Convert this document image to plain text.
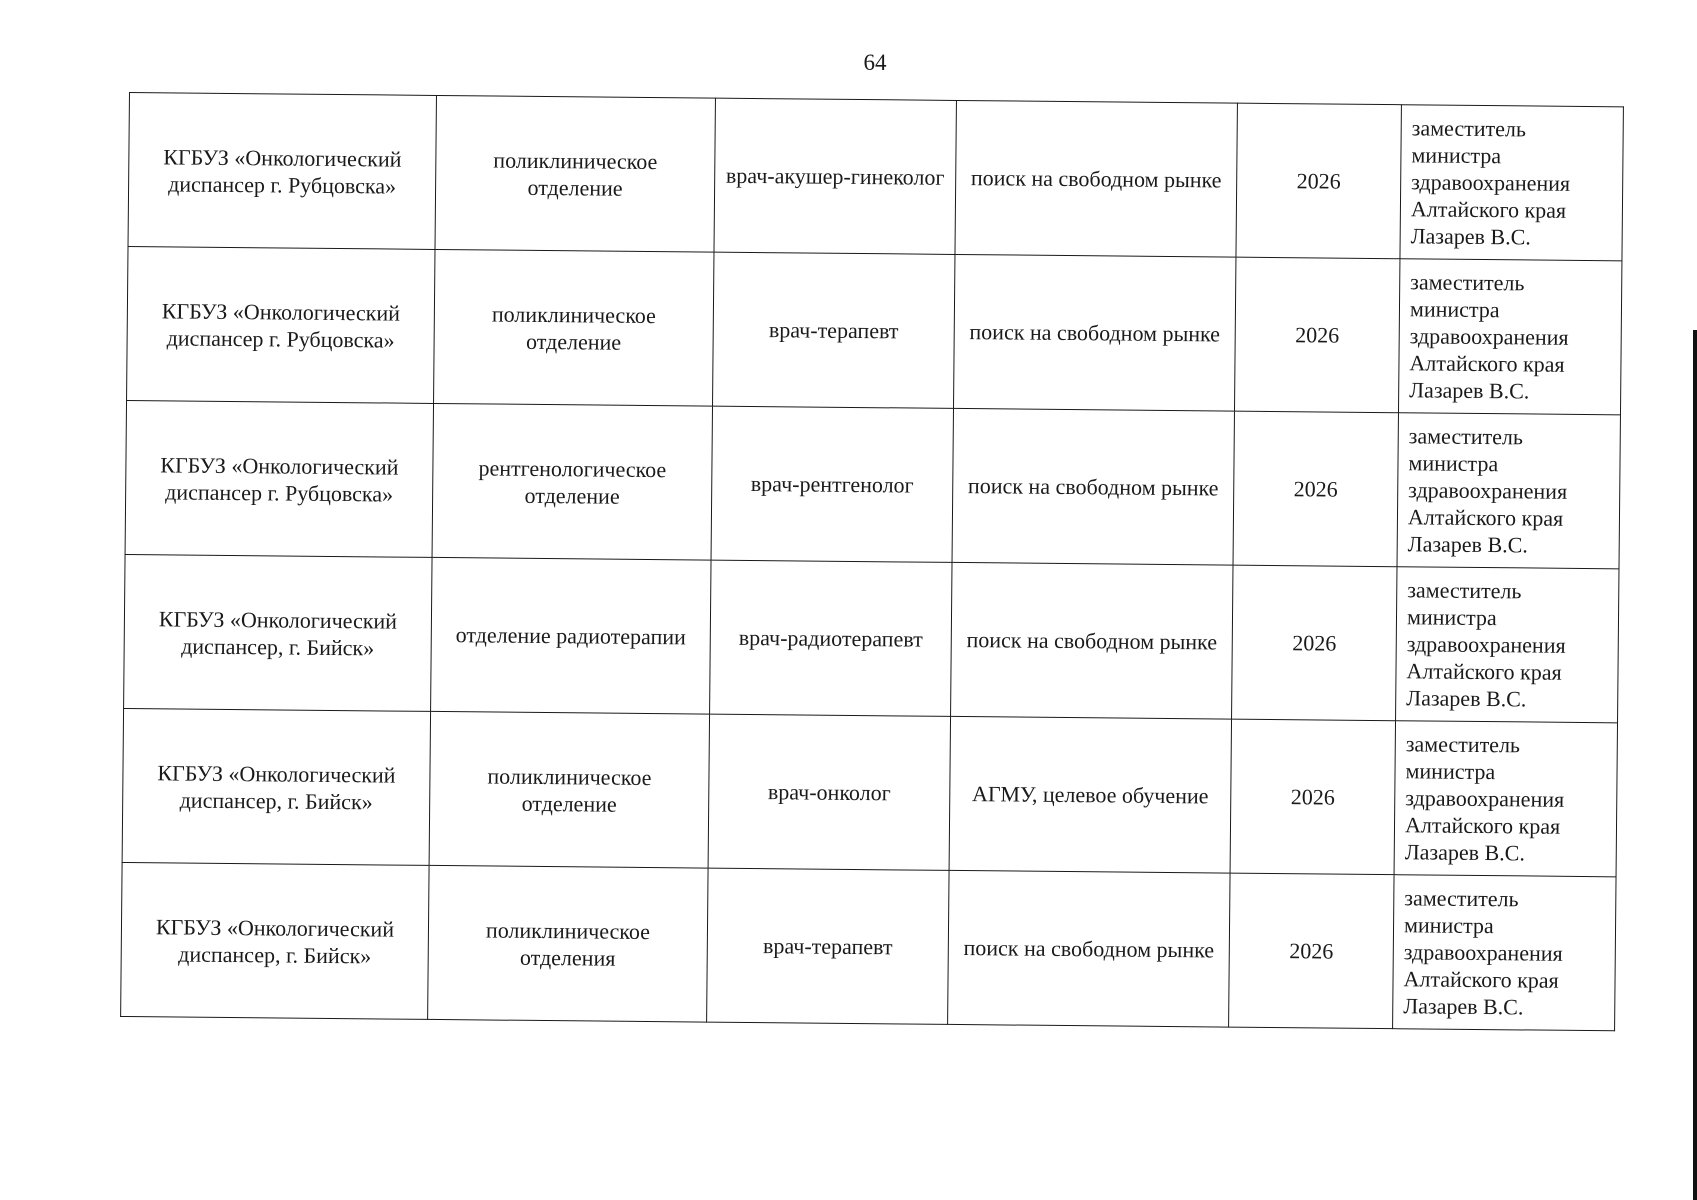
64
КГБУЗ «Онкологический диспансер г. Рубцовска»	поликлиническое отделение	врач-акушер-гинеколог	поиск на свободном рынке	2026	заместитель
министра
здравоохранения
Алтайского края
Лазарев В.С.

КГБУЗ «Онкологический диспансер г. Рубцовска»	поликлиническое отделение	врач-терапевт	поиск на свободном рынке	2026	заместитель
министра
здравоохранения
Алтайского края
Лазарев В.С.

КГБУЗ «Онкологический диспансер г. Рубцовска»	рентгенологическое отделение	врач-рентгенолог	поиск на свободном рынке	2026	заместитель
министра
здравоохранения
Алтайского края
Лазарев В.С.

КГБУЗ «Онкологический диспансер, г. Бийск»	отделение радиотерапии	врач-радиотерапевт	поиск на свободном рынке	2026	заместитель
министра
здравоохранения
Алтайского края
Лазарев В.С.

КГБУЗ «Онкологический диспансер, г. Бийск»	поликлиническое отделение	врач-онколог	АГМУ, целевое обучение	2026	заместитель
министра
здравоохранения
Алтайского края
Лазарев В.С.

КГБУЗ «Онкологический диспансер, г. Бийск»	поликлиническое отделения	врач-терапевт	поиск на свободном рынке	2026	заместитель
министра
здравоохранения
Алтайского края
Лазарев В.С.
